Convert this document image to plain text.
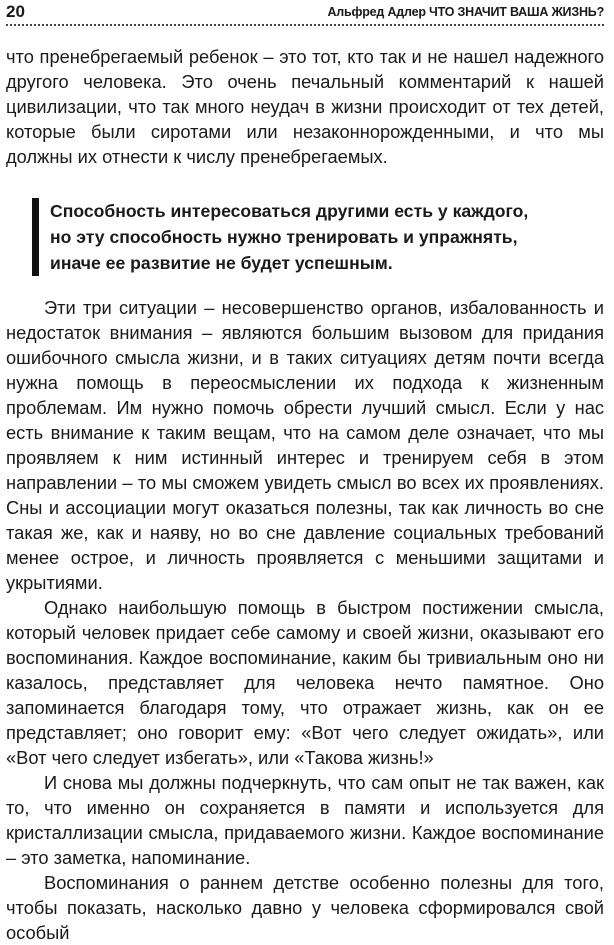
20	Альфред Адлер ЧТО ЗНАЧИТ ВАША ЖИЗНЬ?

что пренебрегаемый ребенок – это тот, кто так и не нашел надежного другого человека. Это очень печальный комментарий к нашей цивилизации, что так много неудач в жизни происходит от тех детей, которые были сиротами или незаконнорожденными, и что мы должны их отнести к числу пренебрегаемых.

Способность интересоваться другими есть у каждого,

но эту способность нужно тренировать и упражнять,

иначе ее развитие не будет успешным.

Эти три ситуации – несовершенство органов, избалованность и недостаток внимания – являются большим вызовом для придания ошибочного смысла жизни, и в таких ситуациях детям почти всегда нужна помощь в переосмыслении их подхода к жизненным проблемам. Им нужно помочь обрести лучший смысл. Если у нас есть внимание к таким вещам, что на самом деле означает, что мы проявляем к ним истинный интерес и тренируем себя в этом направлении – то мы сможем увидеть смысл во всех их проявлениях. Сны и ассоциации могут оказаться полезны, так как личность во сне такая же, как и наяву, но во сне давление социальных требований менее острое, и личность проявляется с меньшими защитами и укрытиями.

Однако наибольшую помощь в быстром постижении смысла, который человек придает себе самому и своей жизни, оказывают его воспоминания. Каждое воспоминание, каким бы тривиальным оно ни казалось, представляет для человека нечто памятное. Оно запоминается благодаря тому, что отражает жизнь, как он ее представляет; оно говорит ему: «Вот чего следует ожидать», или «Вот чего следует избегать», или «Такова жизнь!»

И снова мы должны подчеркнуть, что сам опыт не так важен, как то, что именно он сохраняется в памяти и используется для кристаллизации смысла, придаваемого жизни. Каждое воспоминание – это заметка, напоминание.

Воспоминания о раннем детстве особенно полезны для того, чтобы показать, насколько давно у человека сформировался свой особый
